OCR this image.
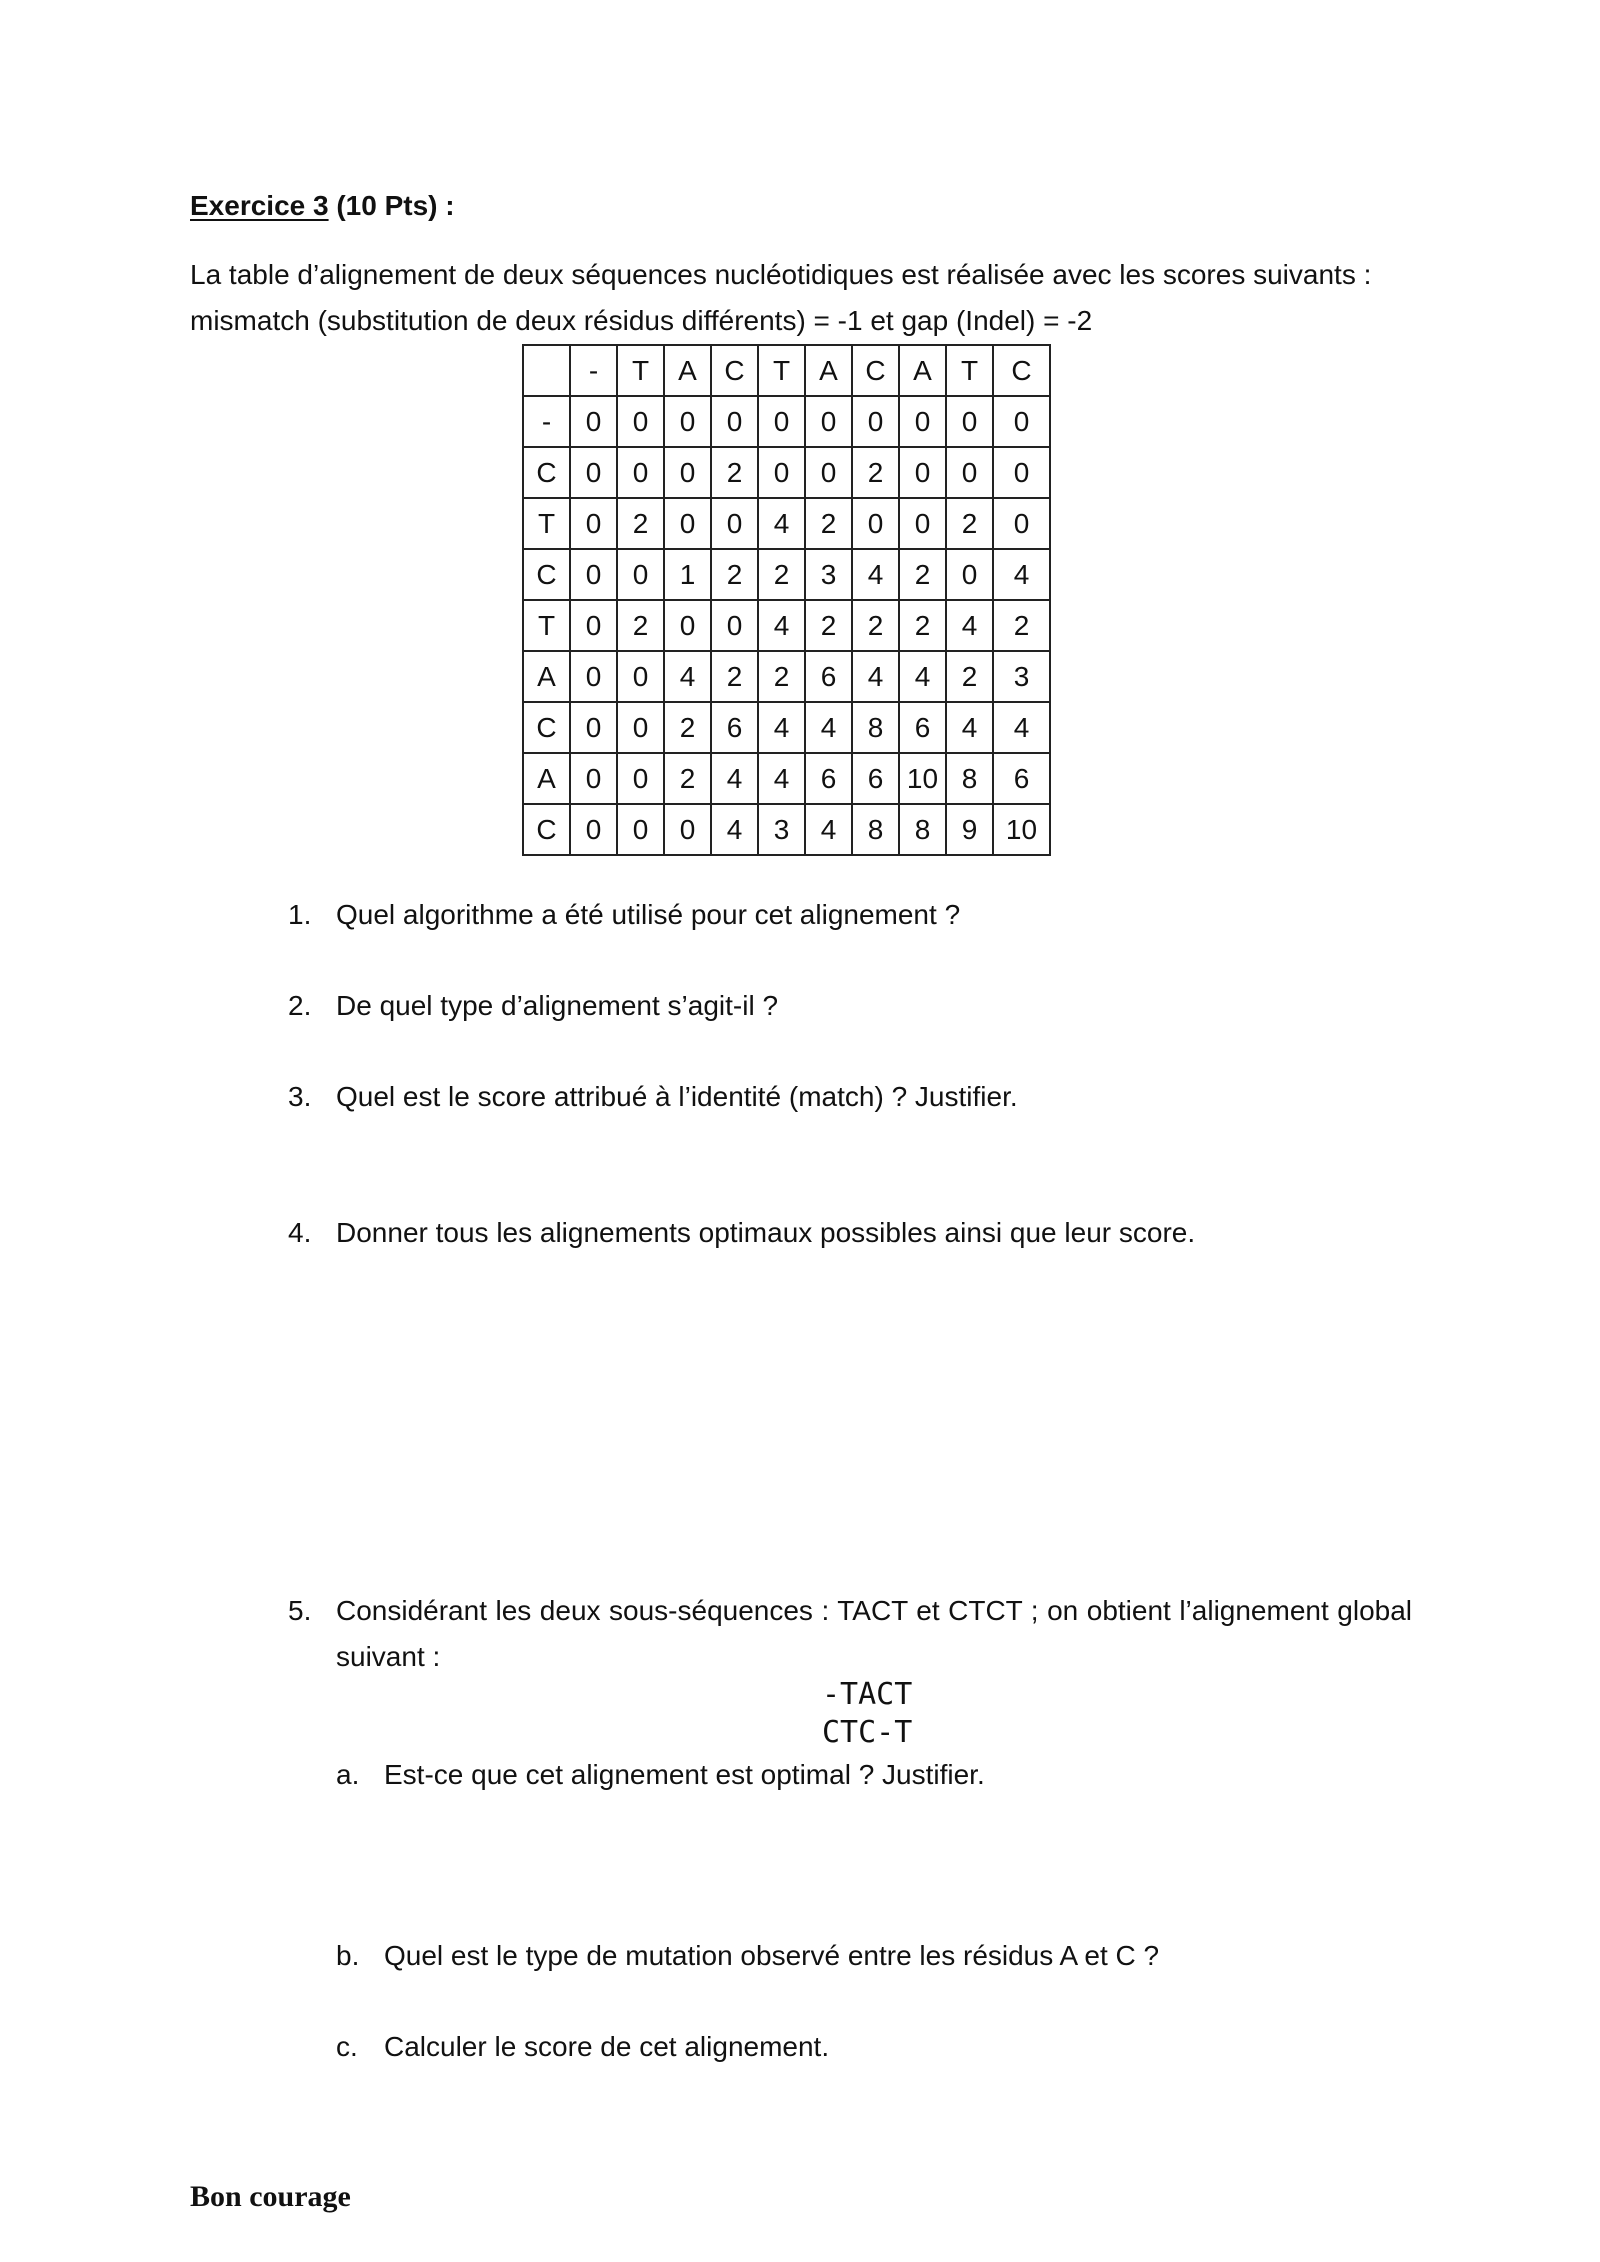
Exercice 3 (10 Pts) :
La table d’alignement de deux séquences nucléotidiques est réalisée avec les scores suivants : mismatch (substitution de deux résidus différents) = -1 et gap (Indel) = -2
	-	T	A	C	T	A	C	A	T	C
-	0	0	0	0	0	0	0	0	0	0
C	0	0	0	2	0	0	2	0	0	0
T	0	2	0	0	4	2	0	0	2	0
C	0	0	1	2	2	3	4	2	0	4
T	0	2	0	0	4	2	2	2	4	2
A	0	0	4	2	2	6	4	4	2	3
C	0	0	2	6	4	4	8	6	4	4
A	0	0	2	4	4	6	6	10	8	6
C	0	0	0	4	3	4	8	8	9	10
1. Quel algorithme a été utilisé pour cet alignement ?
2. De quel type d’alignement s’agit-il ?
3. Quel est le score attribué à l’identité (match) ? Justifier.
4. Donner tous les alignements optimaux possibles ainsi que leur score.
5. Considérant les deux sous-séquences : TACT et CTCT ; on obtient l’alignement global suivant :
-TACT
CTC-T
a. Est-ce que cet alignement est optimal ? Justifier.
b. Quel est le type de mutation observé entre les résidus A et C ?
c. Calculer le score de cet alignement.
Bon courage
